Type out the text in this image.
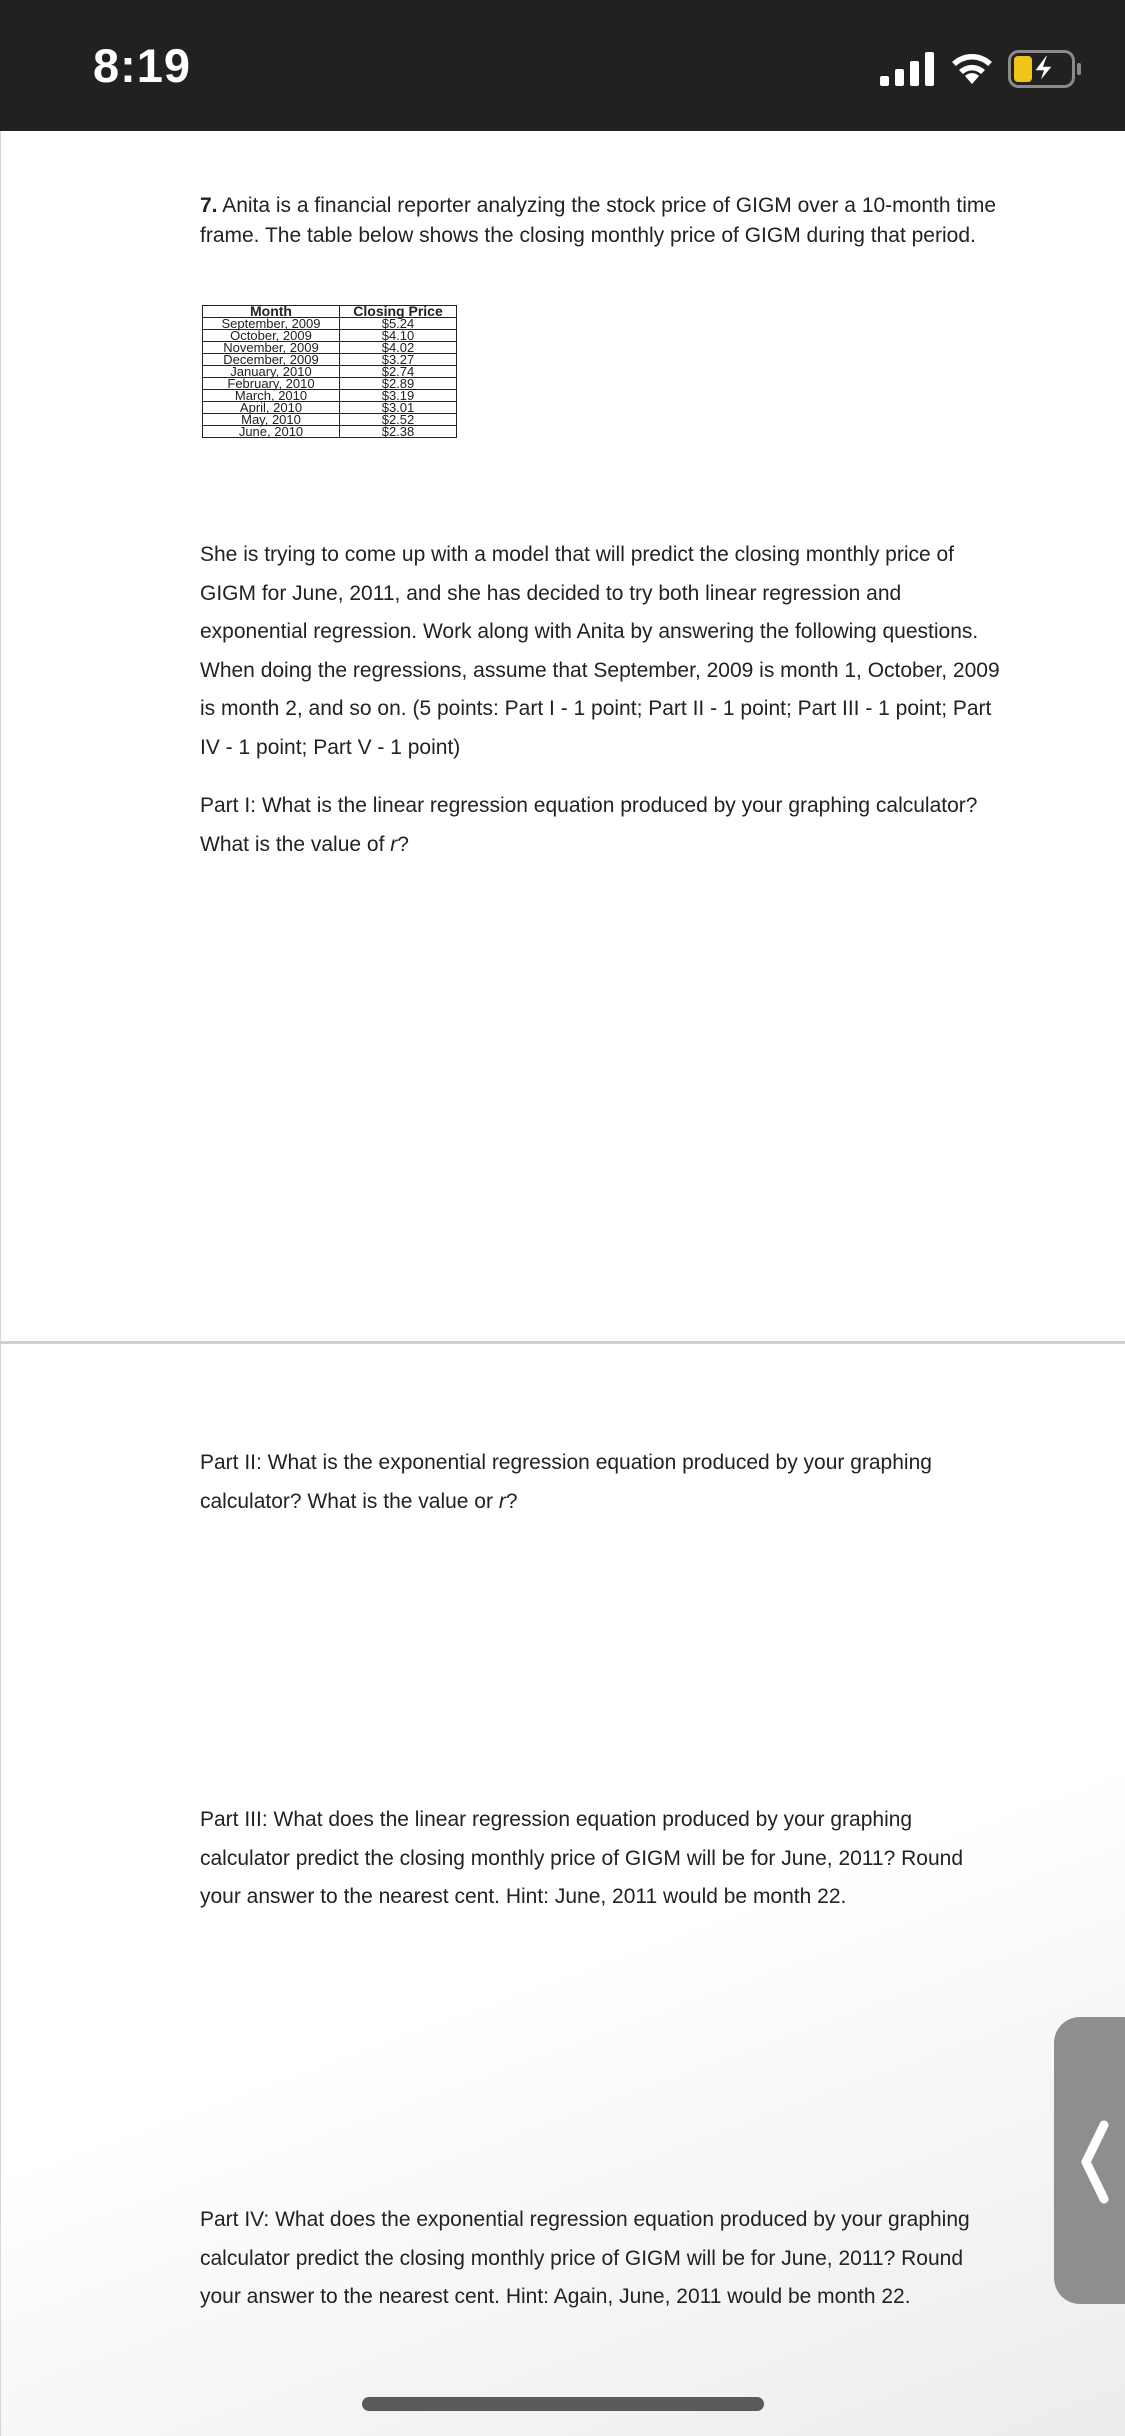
8:19
7. Anita is a financial reporter analyzing the stock price of GIGM over a 10-month time frame. The table below shows the closing monthly price of GIGM during that period.
Month	Closing Price
September, 2009	$5.24
October, 2009	$4.10
November, 2009	$4.02
December, 2009	$3.27
January, 2010	$2.74
February, 2010	$2.89
March, 2010	$3.19
April, 2010	$3.01
May, 2010	$2.52
June, 2010	$2.38

She is trying to come up with a model that will predict the closing monthly price of GIGM for June, 2011, and she has decided to try both linear regression and exponential regression. Work along with Anita by answering the following questions. When doing the regressions, assume that September, 2009 is month 1, October, 2009 is month 2, and so on. (5 points: Part I - 1 point; Part II - 1 point; Part III - 1 point; Part IV - 1 point; Part V - 1 point)

Part I: What is the linear regression equation produced by your graphing calculator? What is the value of r?

Part II: What is the exponential regression equation produced by your graphing calculator? What is the value or r?

Part III: What does the linear regression equation produced by your graphing calculator predict the closing monthly price of GIGM will be for June, 2011? Round your answer to the nearest cent. Hint: June, 2011 would be month 22.

Part IV: What does the exponential regression equation produced by your graphing calculator predict the closing monthly price of GIGM will be for June, 2011? Round your answer to the nearest cent. Hint: Again, June, 2011 would be month 22.
